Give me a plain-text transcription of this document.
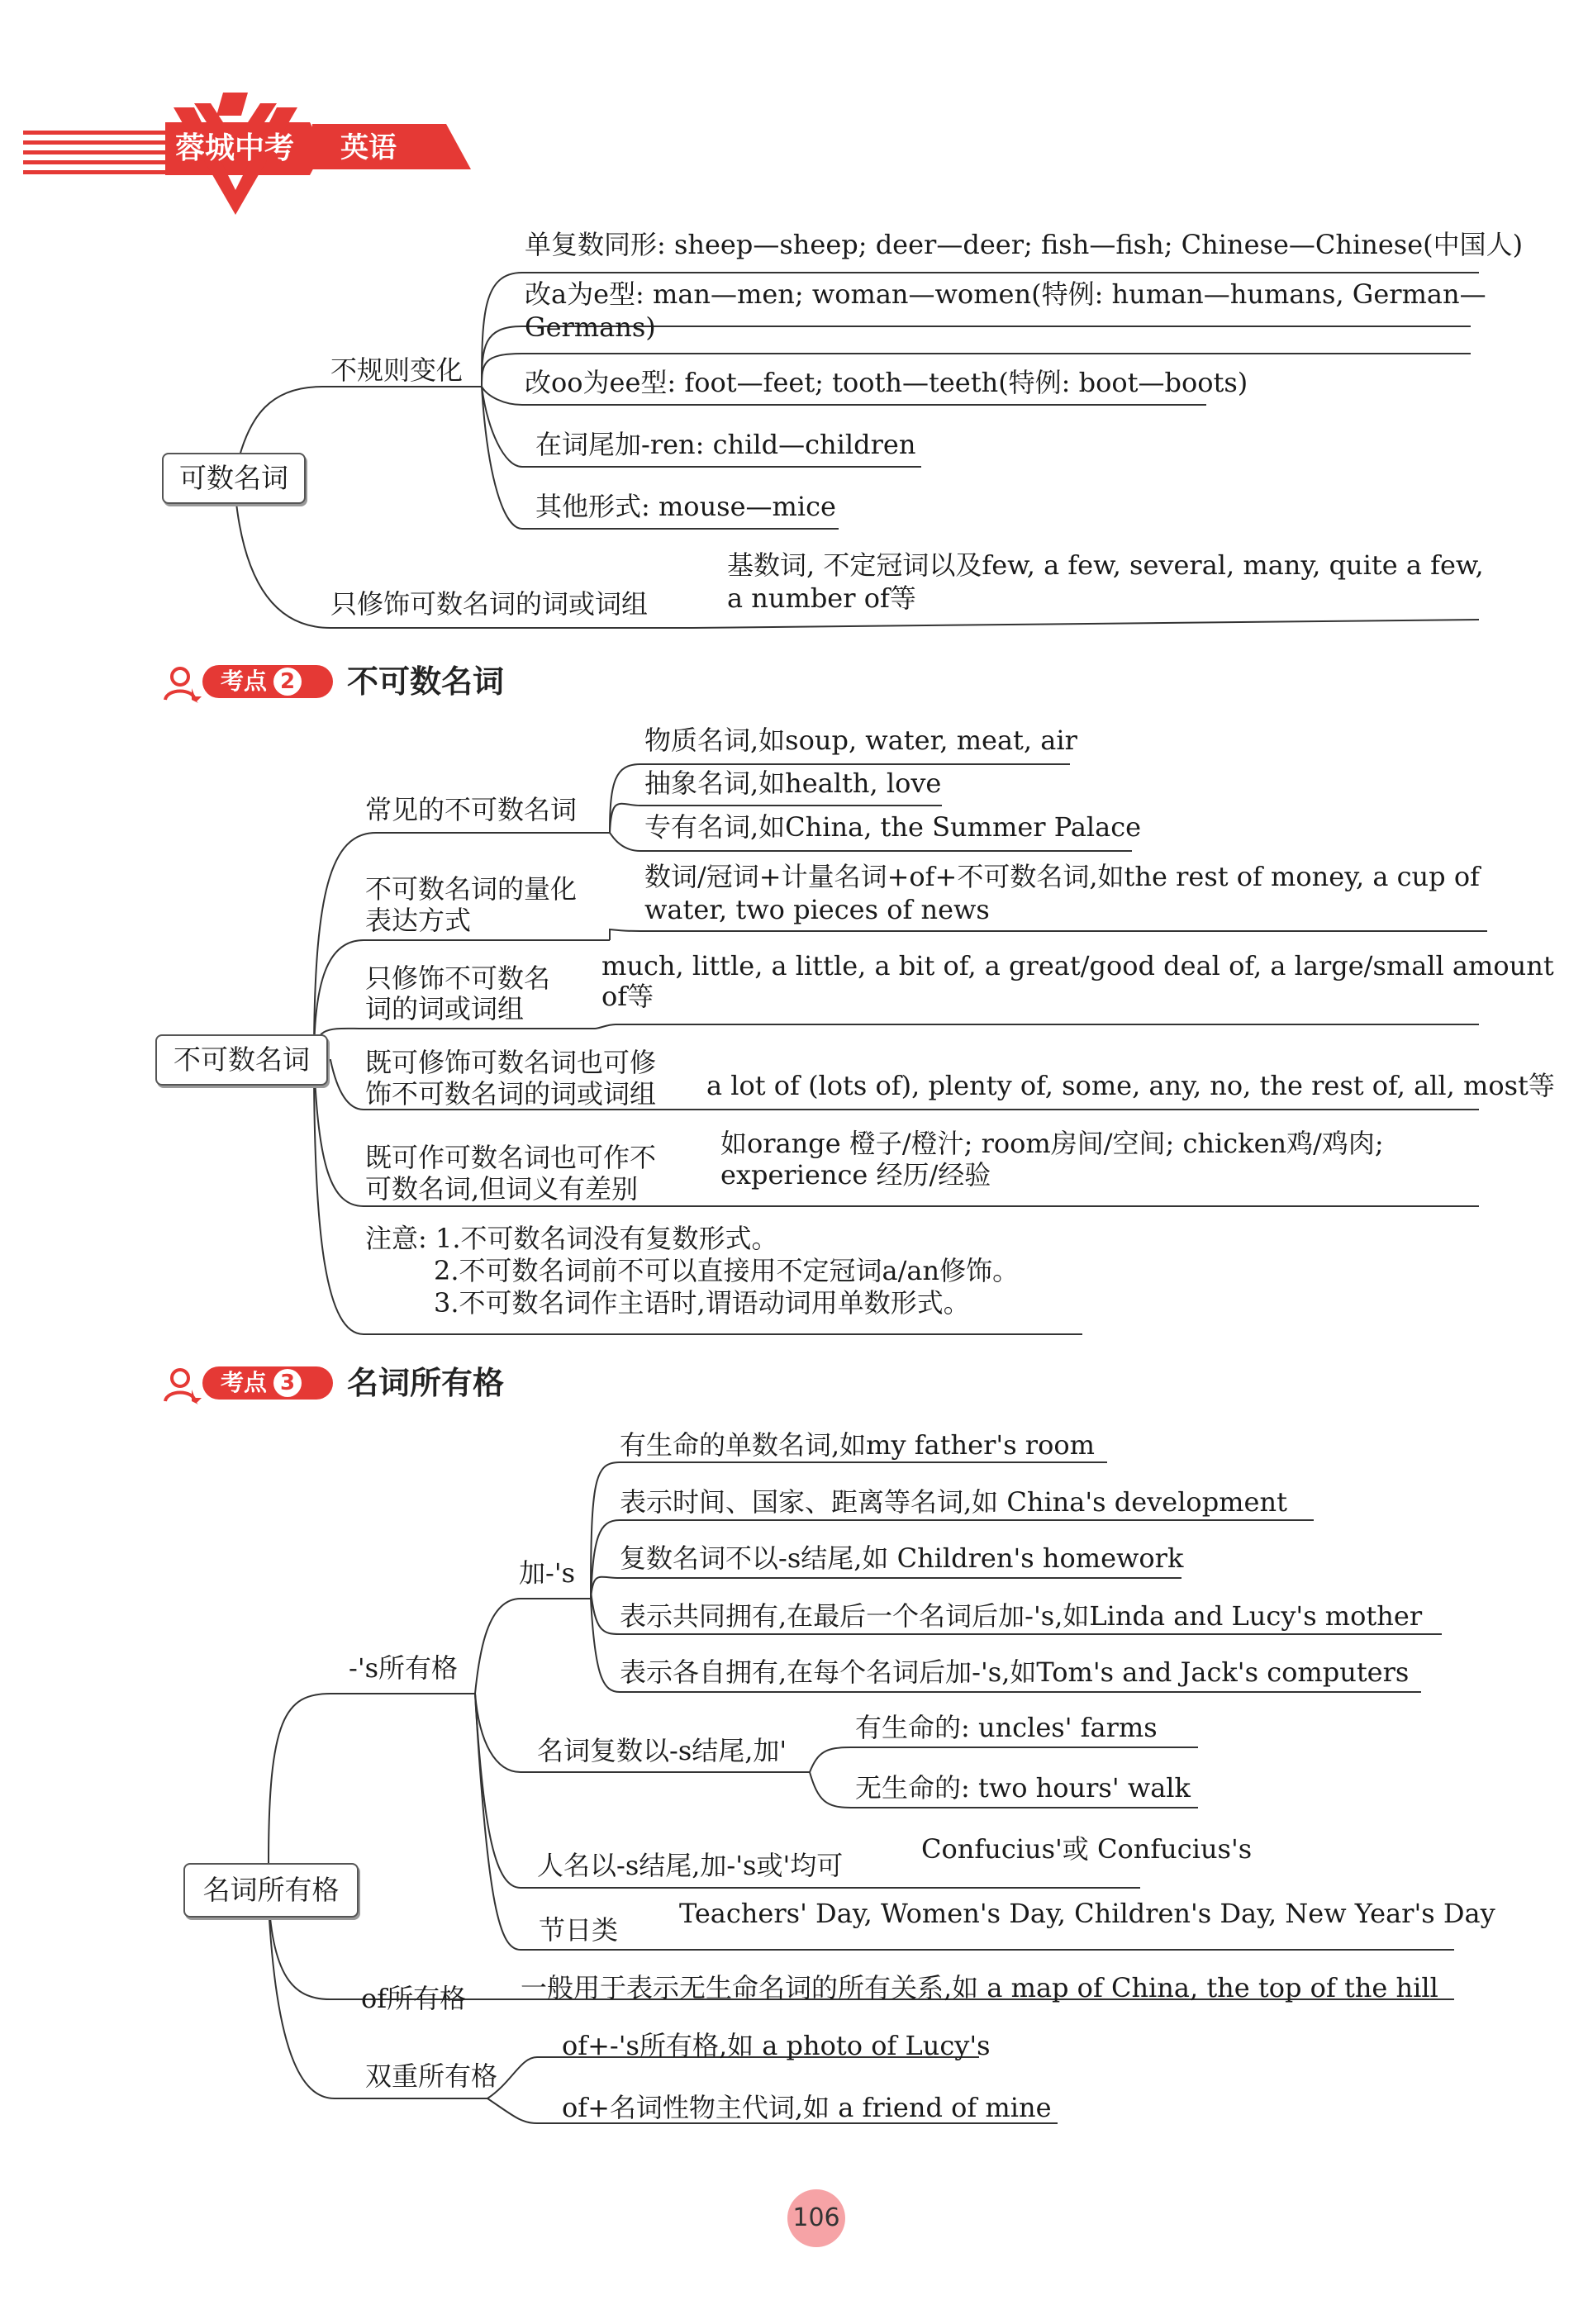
蓉城中考 英语
可数名词
不规则变化
单复数同形: sheep—sheep; deer—deer; fish—fish; Chinese—Chinese(中国人)
改a为e型: man—men; woman—women(特例: human—humans, German—
Germans)
改oo为ee型: foot—feet; tooth—teeth(特例: boot—boots)
在词尾加-ren: child—children
其他形式: mouse—mice
只修饰可数名词的词或词组
基数词, 不定冠词以及few, a few, several, many, quite a few,
a number of等
考点 2	不可数名词
不可数名词
常见的不可数名词
物质名词,如soup, water, meat, air
抽象名词,如health, love
专有名词,如China, the Summer Palace
不可数名词的量化
表达方式
数词/冠词+计量名词+of+不可数名词,如the rest of money, a cup of
water, two pieces of news
只修饰不可数名
词的词或词组
much, little, a little, a bit of, a great/good deal of, a large/small amount
of等
既可修饰可数名词也可修
饰不可数名词的词或词组 a lot of (lots of), plenty of, some, any, no, the rest of, all, most等
既可作可数名词也可作不
可数名词,但词义有差别
如orange 橙子/橙汁; room房间/空间; chicken鸡/鸡肉;
experience 经历/经验
注意: 1.不可数名词没有复数形式。
2.不可数名词前不可以直接用不定冠词a/an修饰。
3.不可数名词作主语时,谓语动词用单数形式。
考点 3	名词所有格
名词所有格
-'s所有格
加-'s
有生命的单数名词,如my father's room
表示时间、国家、距离等名词,如 China's development
复数名词不以-s结尾,如 Children's homework
表示共同拥有,在最后一个名词后加-'s,如Linda and Lucy's mother
表示各自拥有,在每个名词后加-'s,如Tom's and Jack's computers
名词复数以-s结尾,加'
有生命的: uncles' farms
无生命的: two hours' walk
人名以-s结尾,加-'s或'均可
Confucius'或 Confucius's
节日类
Teachers' Day, Women's Day, Children's Day, New Year's Day
of所有格 一般用于表示无生命名词的所有关系,如 a map of China, the top of the hill
双重所有格
of+-'s所有格,如 a photo of Lucy's
of+名词性物主代词,如 a friend of mine
106
